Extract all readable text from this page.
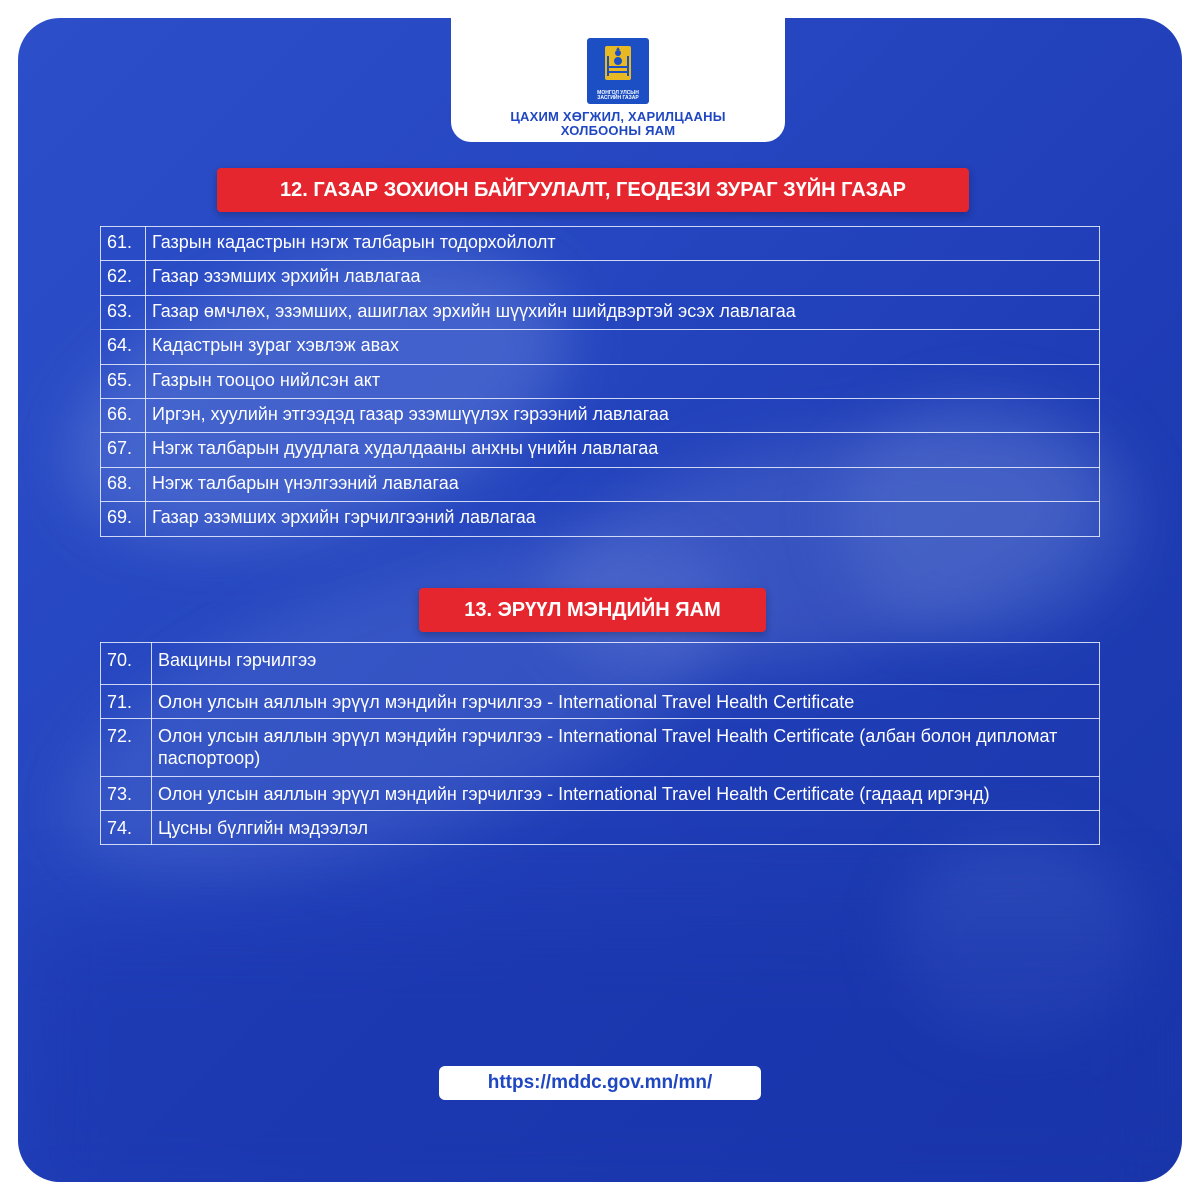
МОНГОЛ УЛСЫН
ЗАСГИЙН ГАЗАР
ЦАХИМ ХӨГЖИЛ, ХАРИЛЦААНЫ
ХОЛБООНЫ ЯАМ
12. ГАЗАР ЗОХИОН БАЙГУУЛАЛТ, ГЕОДЕЗИ ЗУРАГ ЗҮЙН ГАЗАР
61.	Газрын кадастрын нэгж талбарын тодорхойлолт
62.	Газар эзэмших эрхийн лавлагаа
63.	Газар өмчлөх, эзэмших, ашиглах эрхийн шүүхийн шийдвэртэй эсэх лавлагаа
64.	Кадастрын зураг хэвлэж авах
65.	Газрын тооцоо нийлсэн акт
66.	Иргэн, хуулийн этгээдэд газар эзэмшүүлэх гэрээний лавлагаа
67.	Нэгж талбарын дуудлага худалдааны анхны үнийн лавлагаа
68.	Нэгж талбарын үнэлгээний лавлагаа
69.	Газар эзэмших эрхийн гэрчилгээний лавлагаа
13. ЭРҮҮЛ МЭНДИЙН ЯАМ
70.	Вакцины гэрчилгээ
71.	Олон улсын аяллын эрүүл мэндийн гэрчилгээ - International Travel Health Certificate
72.	Олон улсын аяллын эрүүл мэндийн гэрчилгээ - International Travel Health Certificate (албан болон дипломат паспортоор)
73.	Олон улсын аяллын эрүүл мэндийн гэрчилгээ - International Travel Health Certificate (гадаад иргэнд)
74.	Цусны бүлгийн мэдээлэл
https://mddc.gov.mn/mn/
